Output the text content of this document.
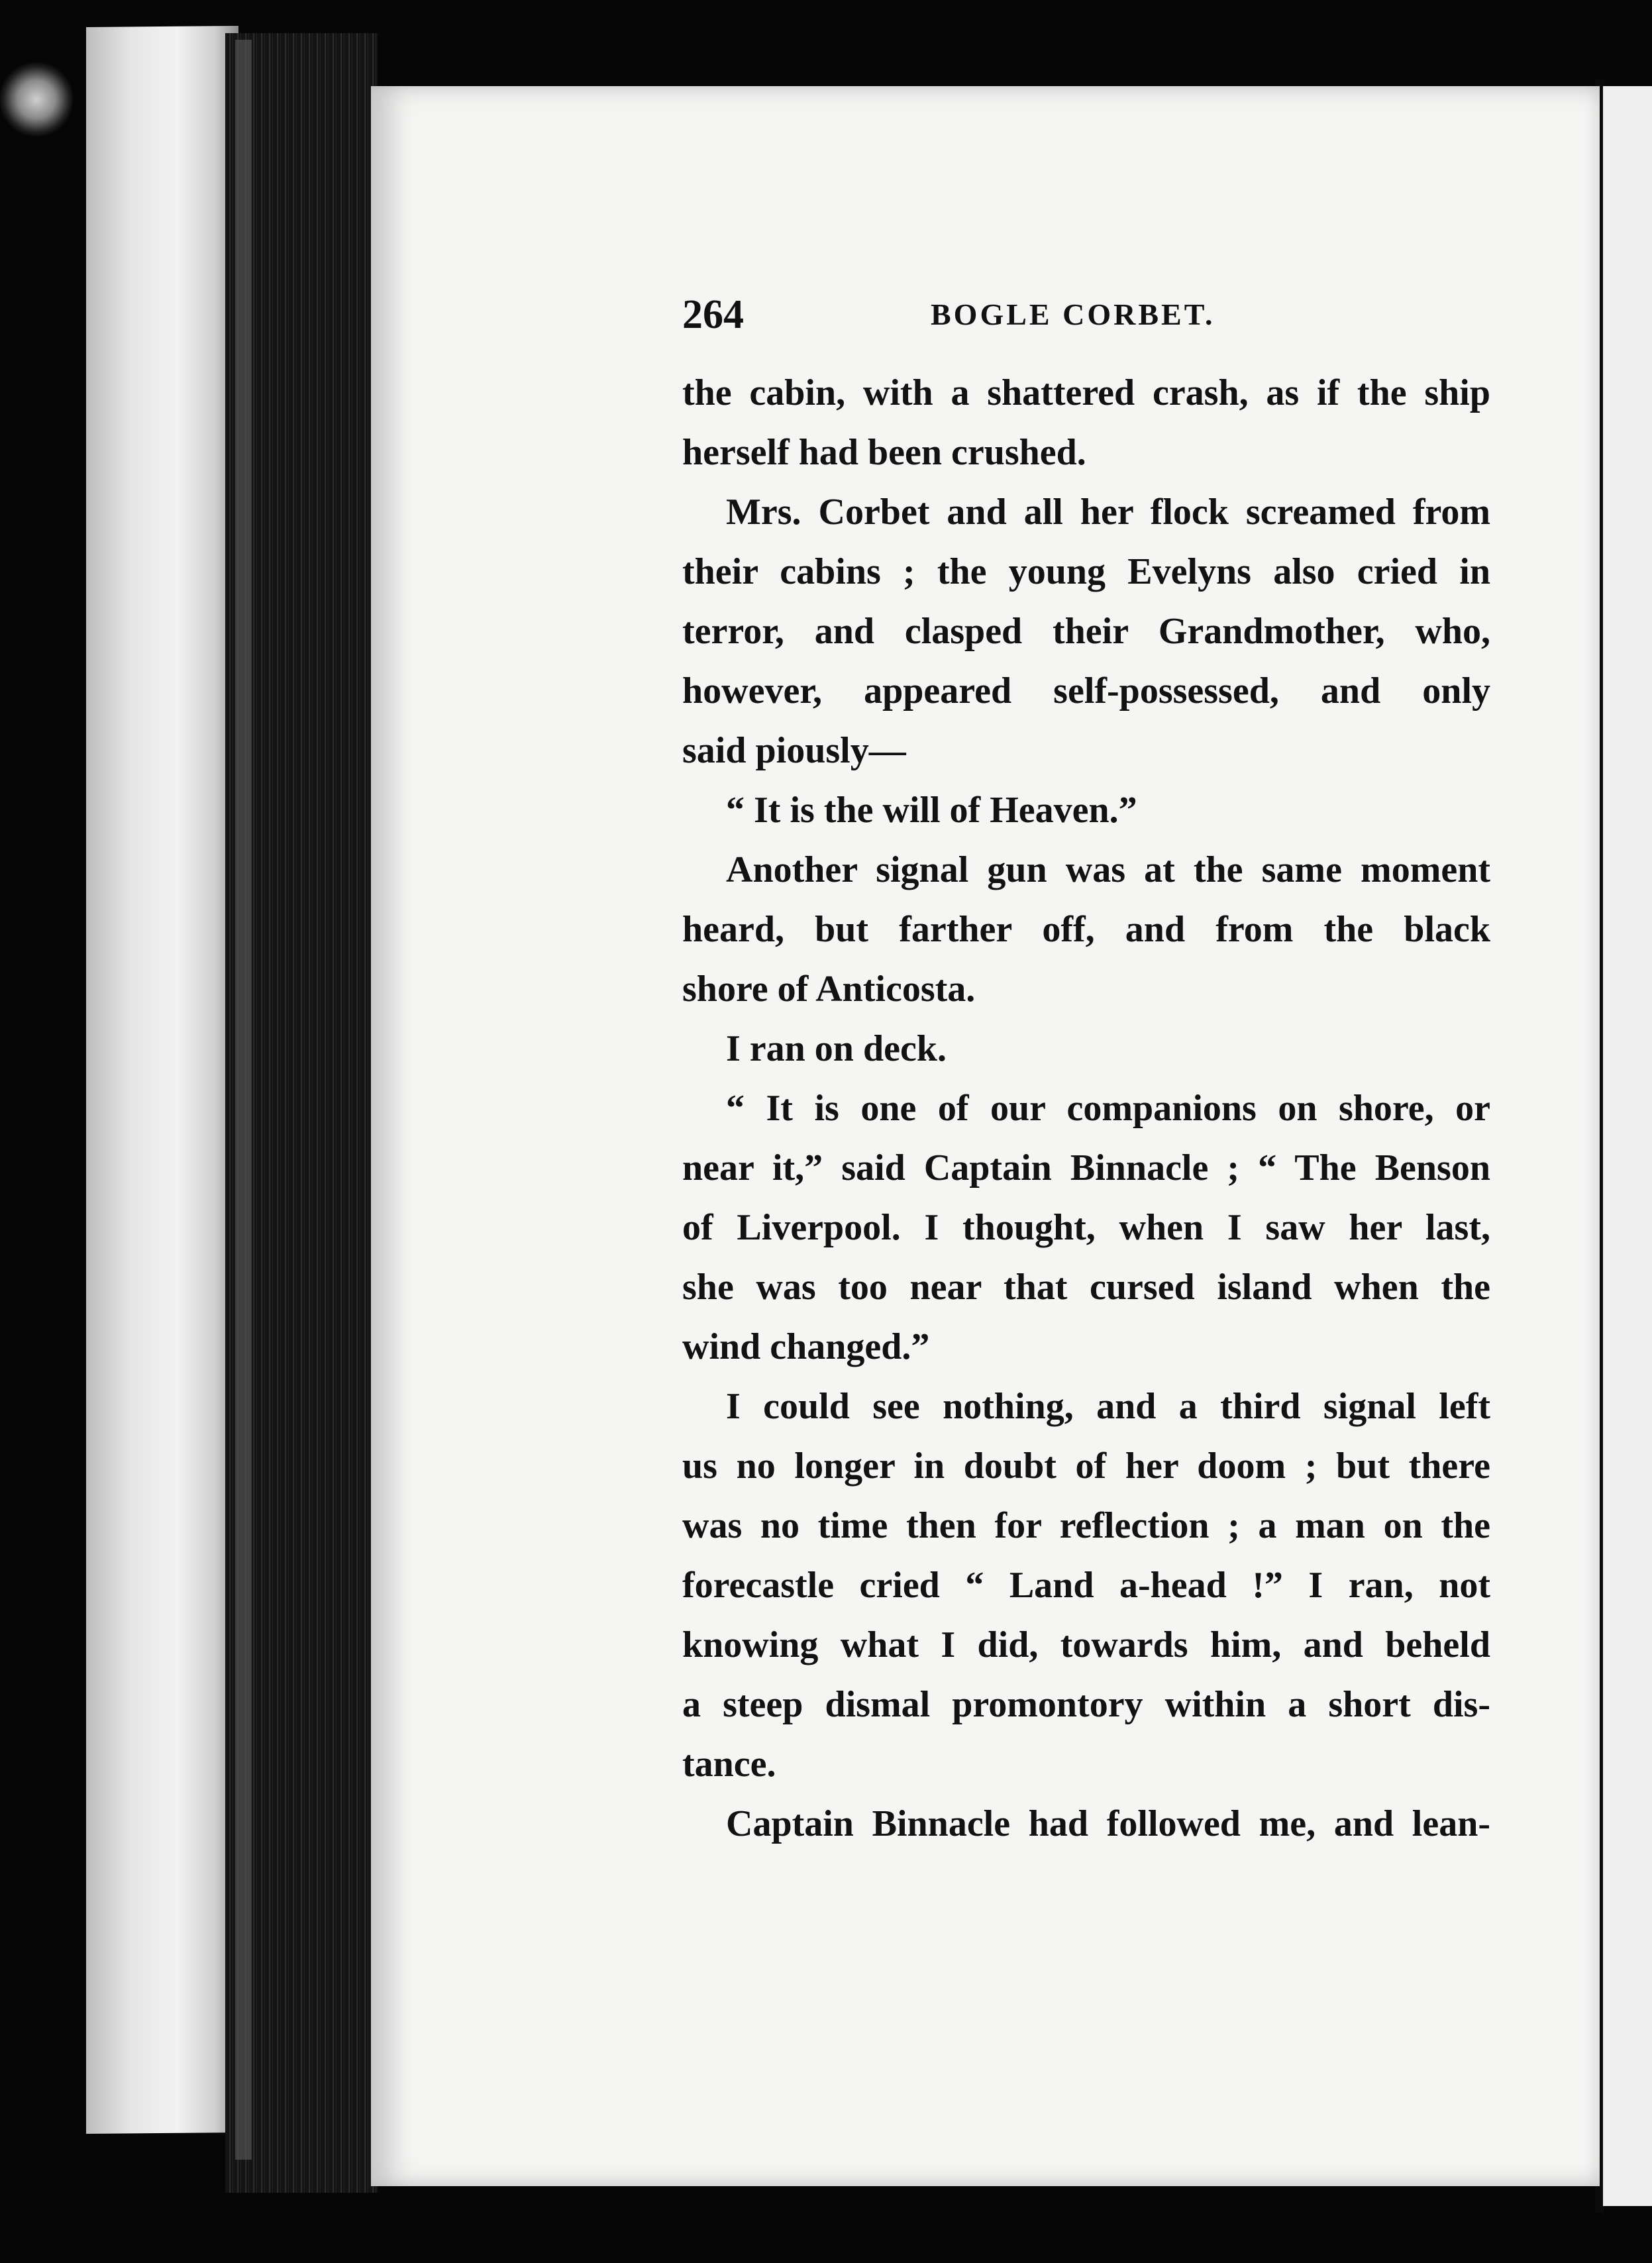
264	BOGLE CORBET.
the cabin, with a shattered crash, as if the ship
herself had been crushed.
Mrs. Corbet and all her flock screamed from
their cabins ; the young Evelyns also cried in
terror, and clasped their Grandmother, who,
however, appeared self-possessed, and only
said piously—
“ It is the will of Heaven.”
Another signal gun was at the same moment
heard, but farther off, and from the black
shore of Anticosta.
I ran on deck.
“ It is one of our companions on shore, or
near it,” said Captain Binnacle ; “ The Benson
of Liverpool. I thought, when I saw her last,
she was too near that cursed island when the
wind changed.”
I could see nothing, and a third signal left
us no longer in doubt of her doom ; but there
was no time then for reflection ; a man on the
forecastle cried “ Land a-head !” I ran, not
knowing what I did, towards him, and beheld
a steep dismal promontory within a short dis-
tance.
Captain Binnacle had followed me, and lean-
